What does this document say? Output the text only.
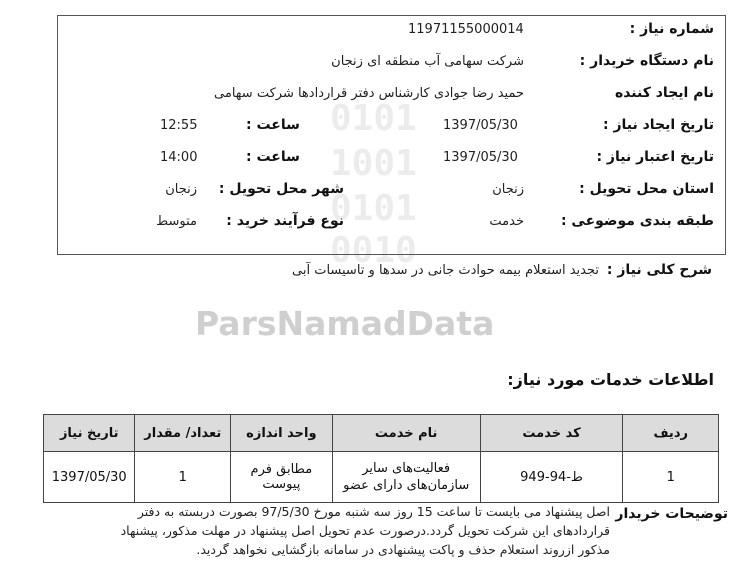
0101
1001
0101
0010
ParsNamadData
شماره نیاز :
11971155000014
نام دستگاه خریدار :
شرکت سهامی آب منطقه ای زنجان
نام ایجاد کننده
حمید رضا جوادی کارشناس دفتر قراردادها شرکت سهامی
تاریخ ایجاد نیاز :
1397/05/30
ساعت :
12:55
تاریخ اعتبار نیاز :
1397/05/30
ساعت :
14:00
استان محل تحویل :
زنجان
شهر محل تحویل :
زنجان
طبقه بندی موضوعی :
خدمت
نوع فرآیند خرید :
متوسط
شرح کلی نیاز :
تجدید استعلام بیمه حوادث جانی در سدها و تاسیسات آبی
اطلاعات خدمات مورد نیاز:
ردیف	کد خدمت	نام خدمت	واحد اندازه	تعداد/ مقدار	تاریخ نیاز
1	ط-94-949	فعالیت‌های سایر
سازمان‌های دارای عضو	مطابق فرم پیوست	1	1397/05/30
توضیحات خریدار
اصل پیشنهاد می بایست تا ساعت 15 روز سه شنبه مورخ 97/5/30 بصورت دربسته به دفتر
قراردادهای این شرکت تحویل گردد.درصورت عدم تحویل اصل پیشنهاد در مهلت مذکور، پیشنهاد
مذکور ازروند استعلام حذف و پاکت پیشنهادی در سامانه بازگشایی نخواهد گردید.
